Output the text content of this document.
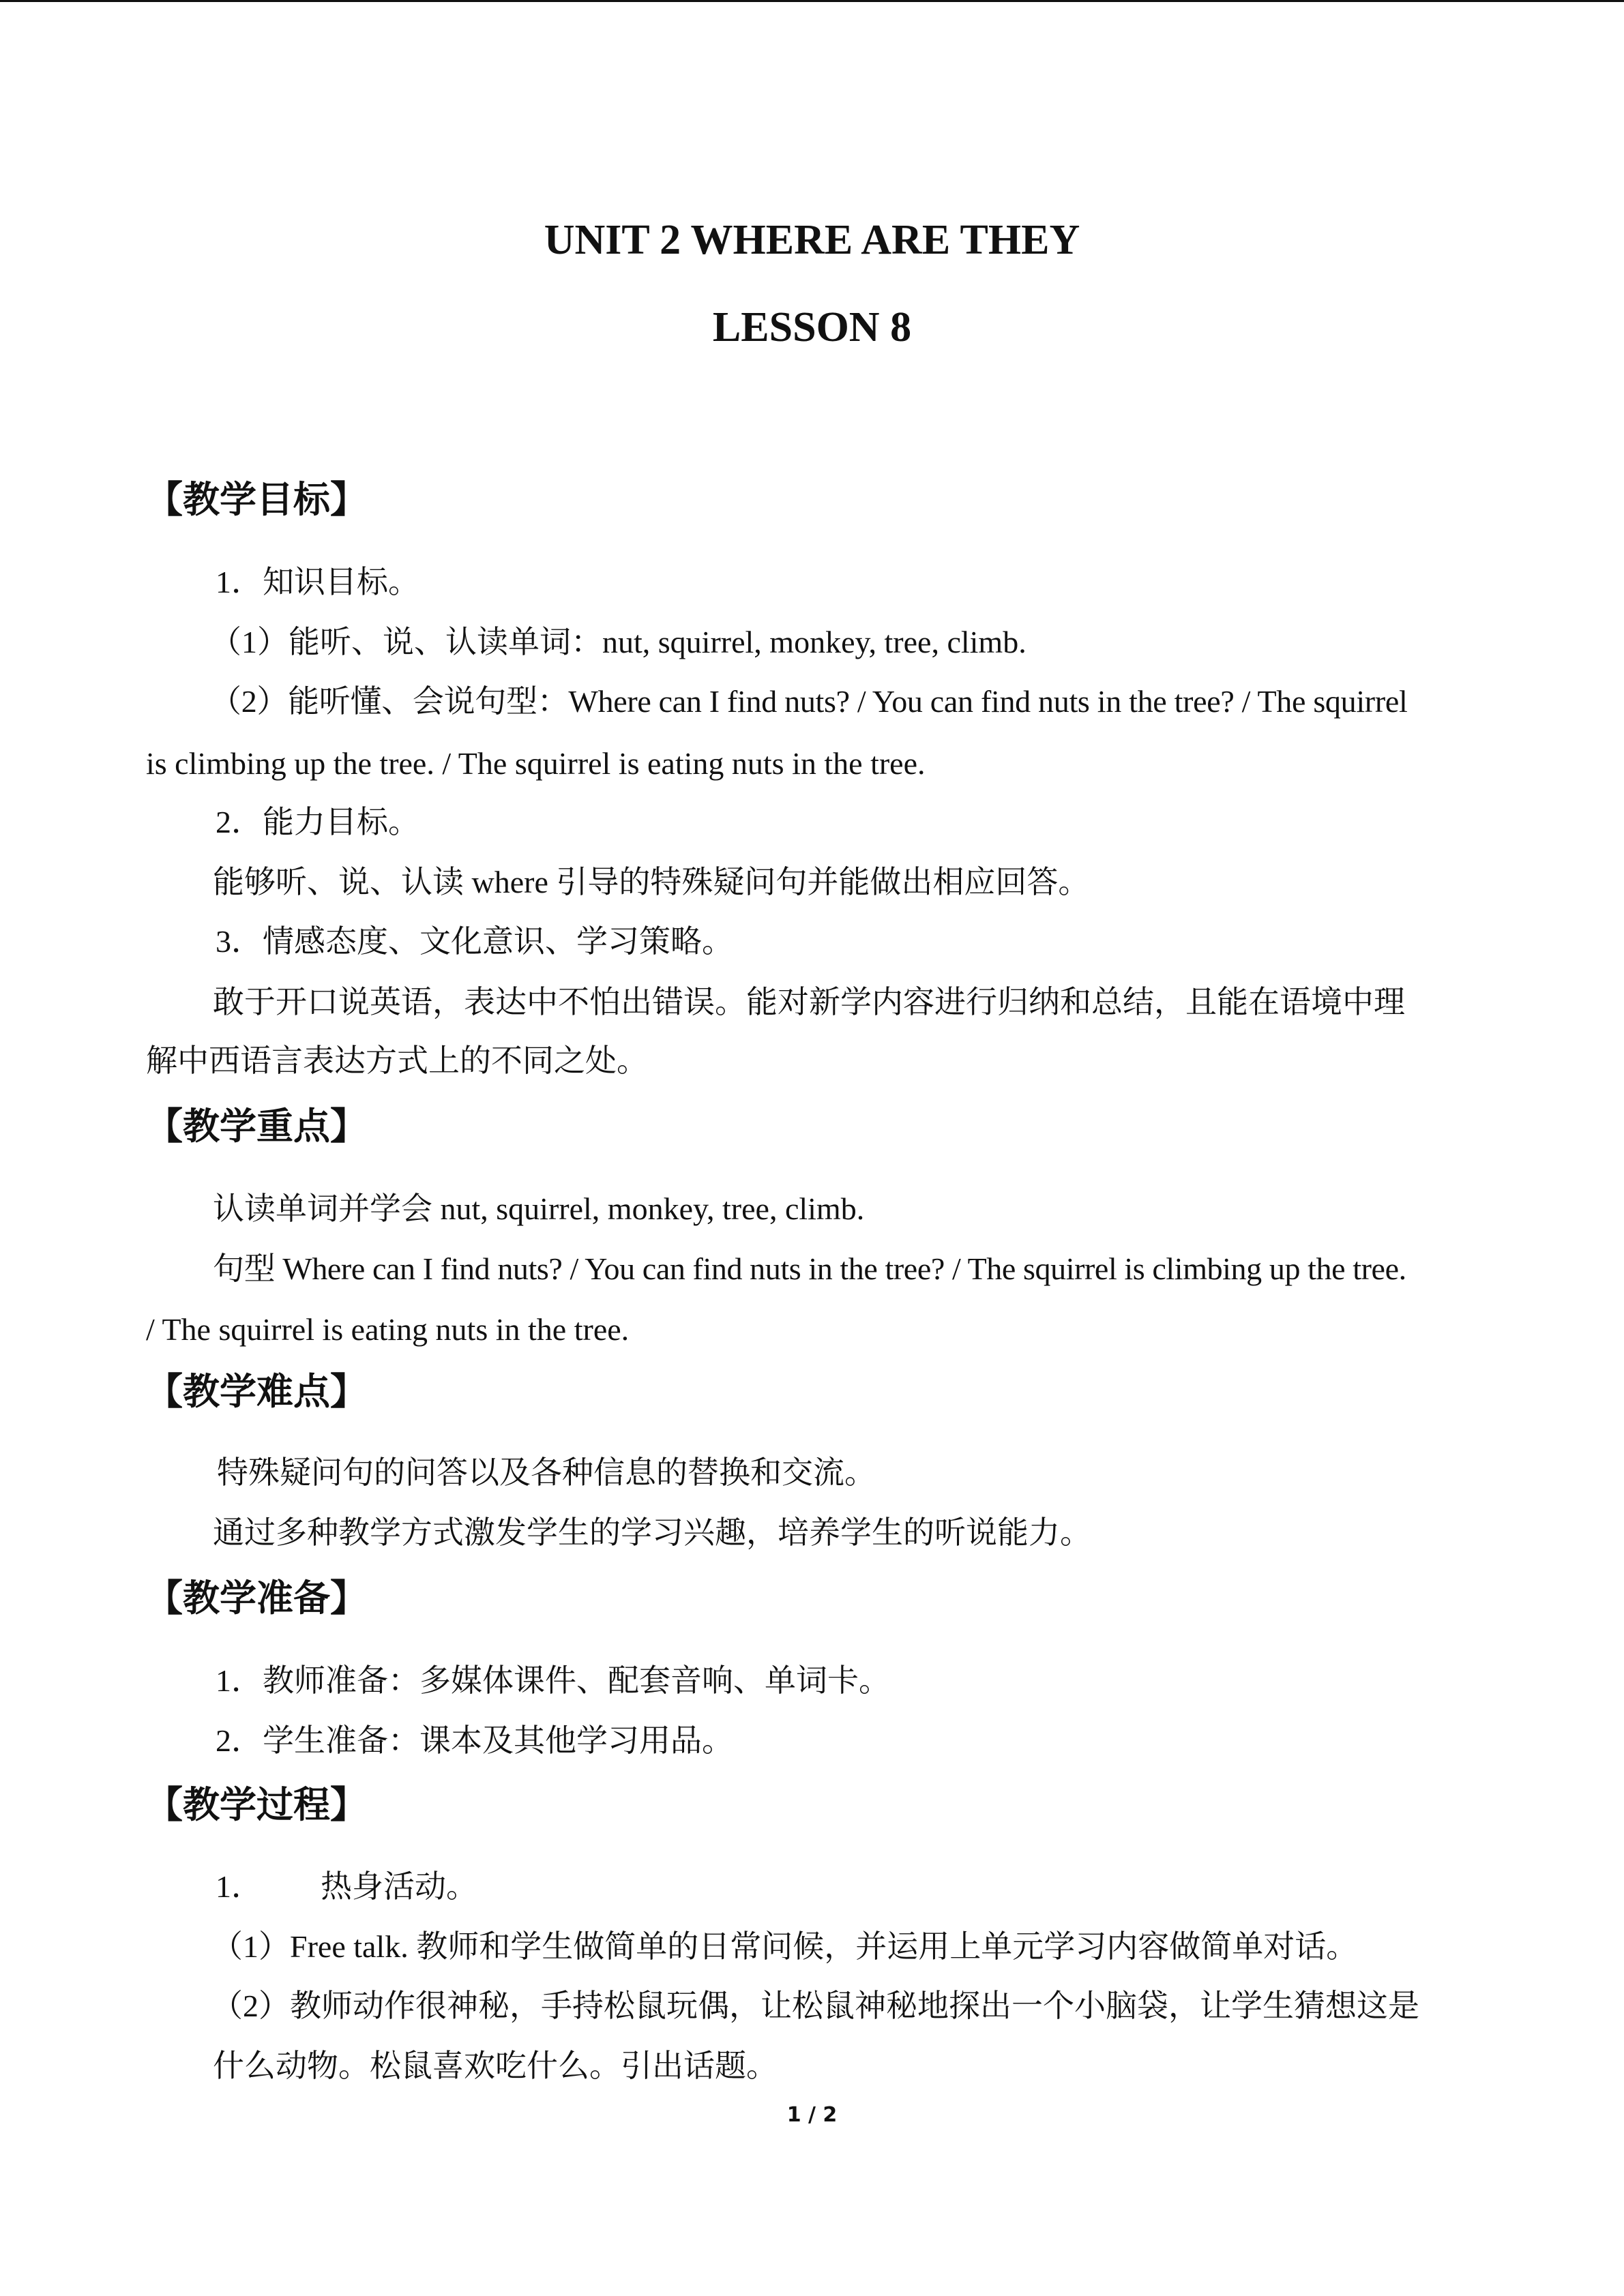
UNIT 2 WHERE ARE THEY
LESSON 8
【教学目标】

1．知识目标。

（1）能听、说、认读单词：nut, squirrel, monkey, tree, climb.

（2）能听懂、会说句型：Where can I find nuts? / You can find nuts in the tree? / The squirrel

is climbing up the tree. / The squirrel is eating nuts in the tree.

2．能力目标。

能够听、说、认读 where 引导的特殊疑问句并能做出相应回答。

3．情感态度、文化意识、学习策略。

敢于开口说英语，表达中不怕出错误。能对新学内容进行归纳和总结，且能在语境中理

解中西语言表达方式上的不同之处。

【教学重点】

认读单词并学会 nut, squirrel, monkey, tree, climb.

句型 Where can I find nuts? / You can find nuts in the tree? / The squirrel is climbing up the tree.

/ The squirrel is eating nuts in the tree.

【教学难点】

特殊疑问句的问答以及各种信息的替换和交流。

通过多种教学方式激发学生的学习兴趣，培养学生的听说能力。

【教学准备】

1．教师准备：多媒体课件、配套音响、单词卡。

2．学生准备：课本及其他学习用品。

【教学过程】

1． 热身活动。

（1）Free talk. 教师和学生做简单的日常问候，并运用上单元学习内容做简单对话。

（2）教师动作很神秘，手持松鼠玩偶，让松鼠神秘地探出一个小脑袋，让学生猜想这是

什么动物。松鼠喜欢吃什么。引出话题。

1 / 2
